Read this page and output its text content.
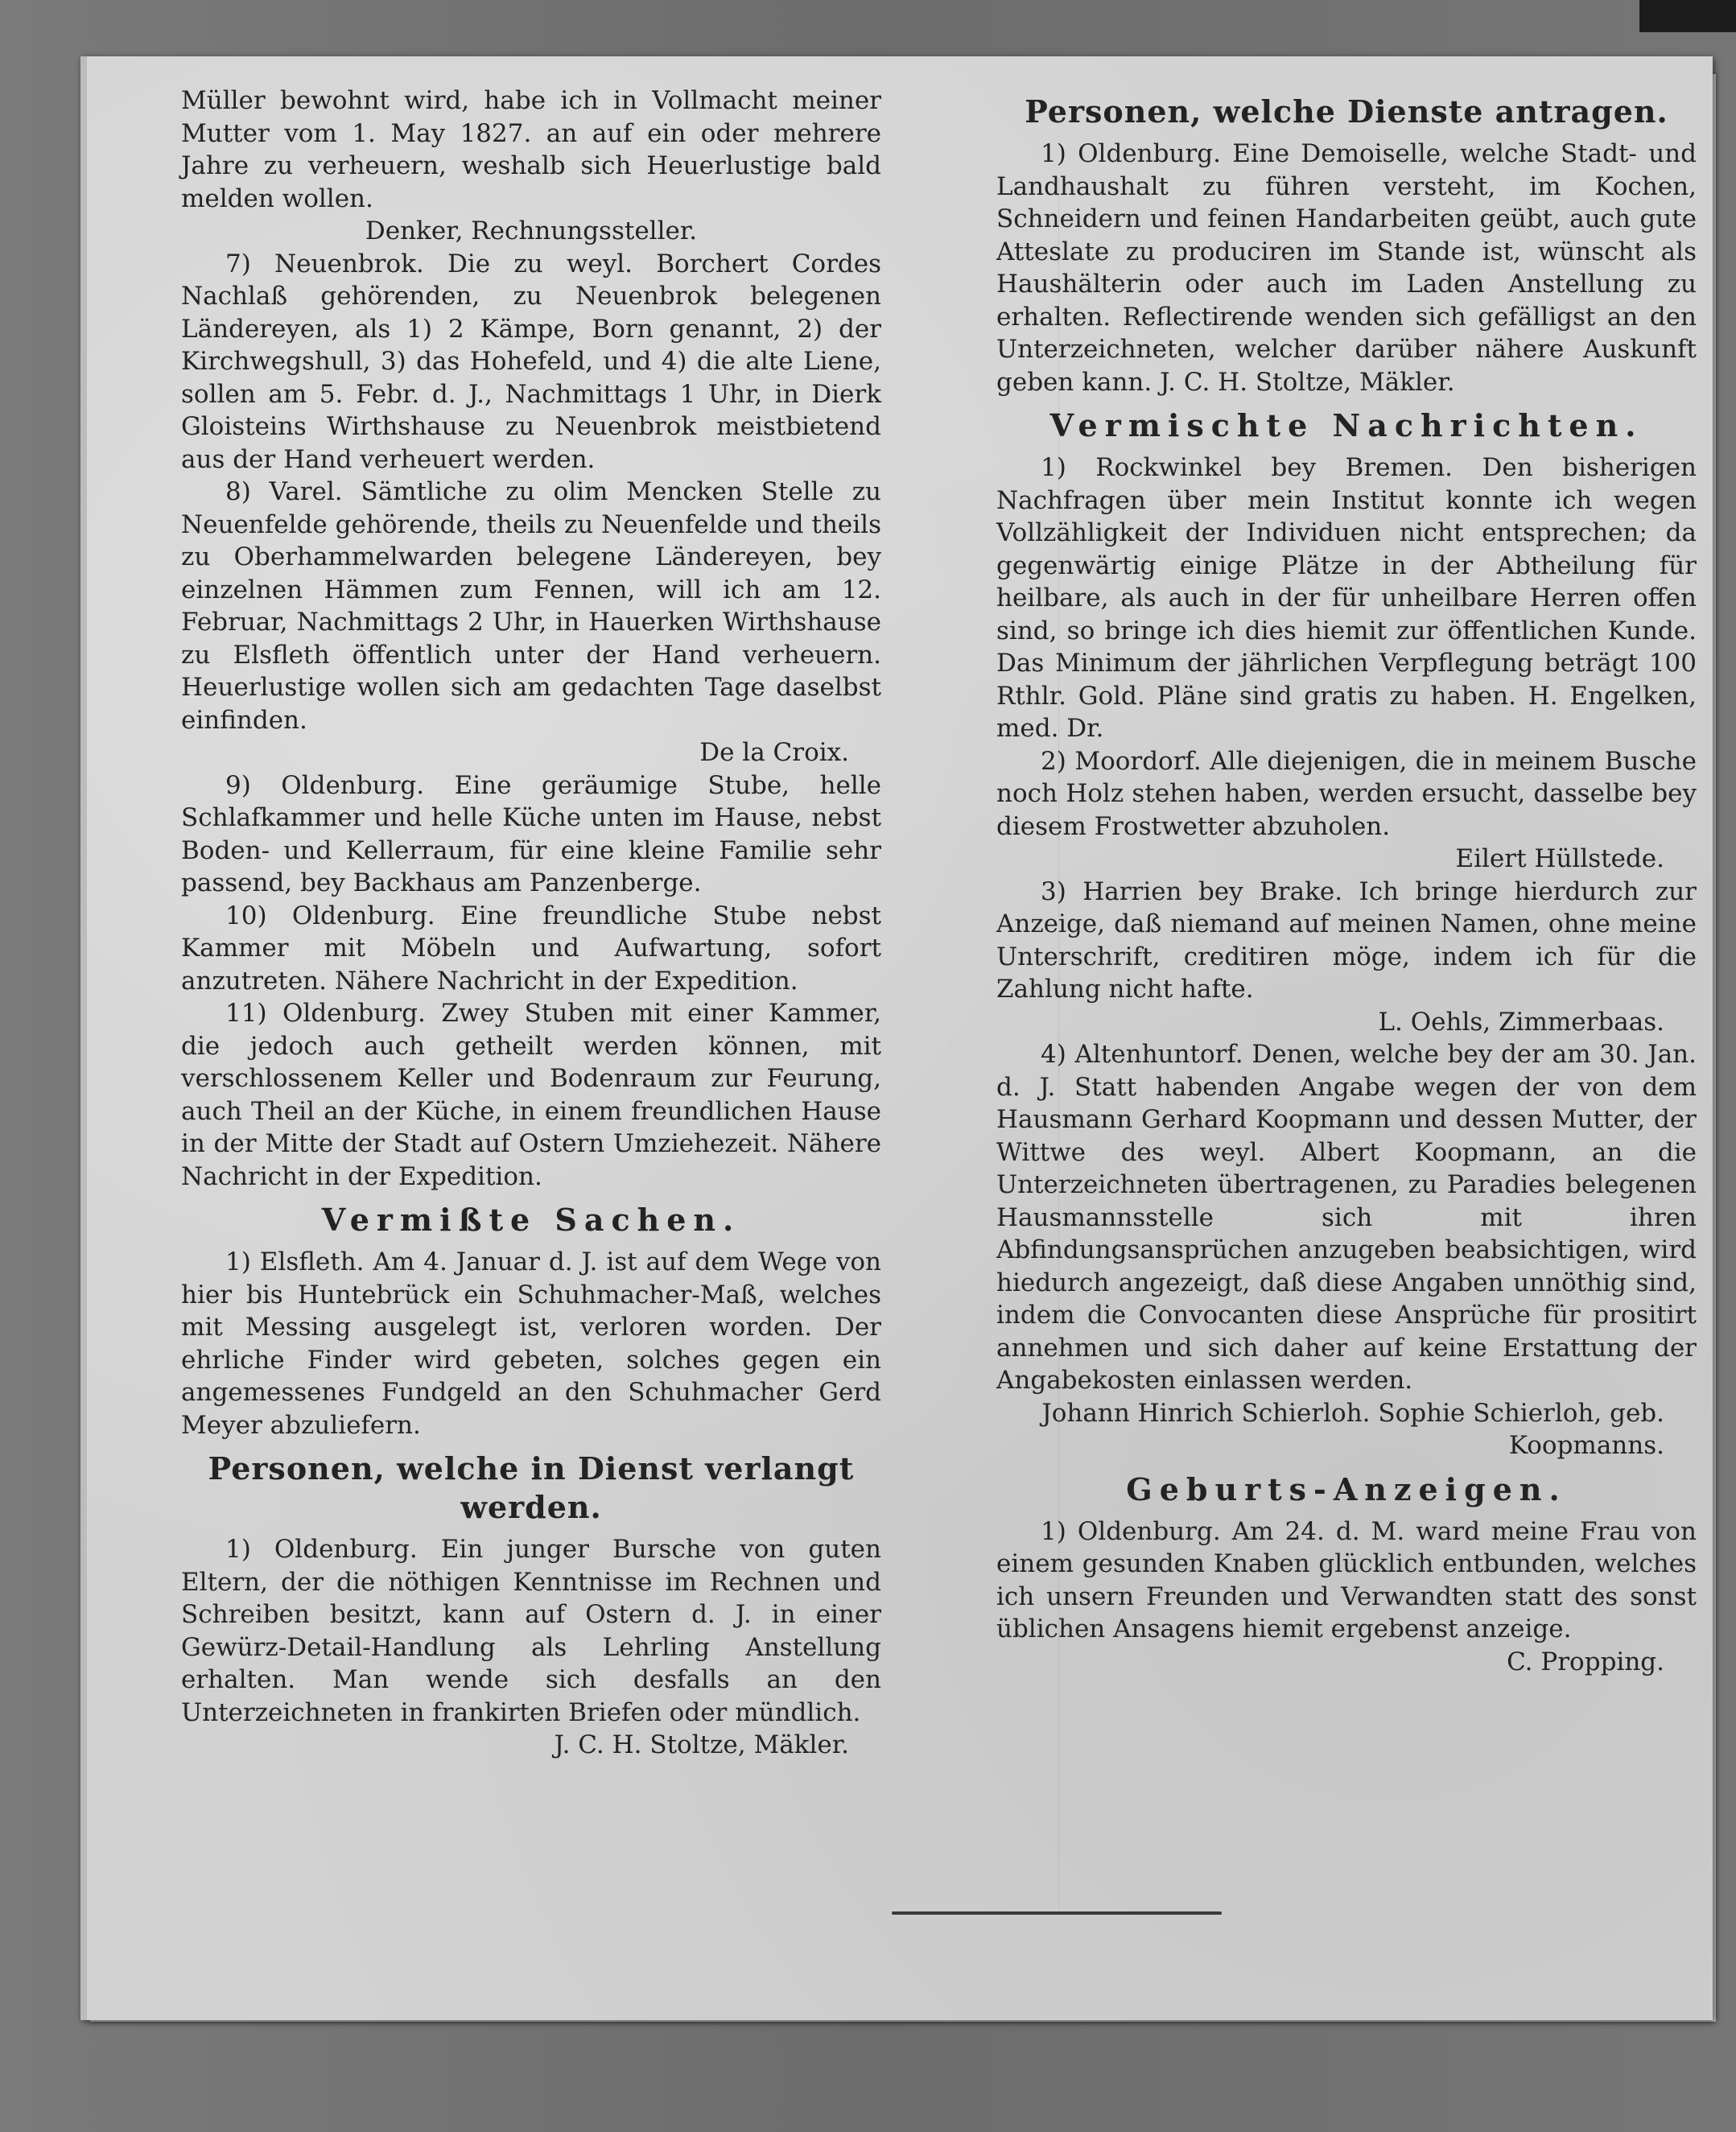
Müller bewohnt wird, habe ich in Vollmacht meiner Mutter vom 1. May 1827. an auf ein oder mehrere Jahre zu verheuern, weshalb sich Heuerlustige bald melden wollen.

Denker, Rechnungssteller.

7) Neuenbrok. Die zu weyl. Borchert Cordes Nachlaß gehörenden, zu Neuenbrok belegenen Ländereyen, als 1) 2 Kämpe, Born genannt, 2) der Kirchwegshull, 3) das Hohefeld, und 4) die alte Liene, sollen am 5. Febr. d. J., Nachmittags 1 Uhr, in Dierk Gloisteins Wirthshause zu Neuenbrok meistbietend aus der Hand verheuert werden.

8) Varel. Sämtliche zu olim Mencken Stelle zu Neuenfelde gehörende, theils zu Neuenfelde und theils zu Oberhammelwarden belegene Ländereyen, bey einzelnen Hämmen zum Fennen, will ich am 12. Februar, Nachmittags 2 Uhr, in Hauerken Wirthshause zu Elsfleth öffentlich unter der Hand verheuern. Heuerlustige wollen sich am gedachten Tage daselbst einfinden.

De la Croix.

9) Oldenburg. Eine geräumige Stube, helle Schlafkammer und helle Küche unten im Hause, nebst Boden- und Kellerraum, für eine kleine Familie sehr passend, bey Backhaus am Panzenberge.

10) Oldenburg. Eine freundliche Stube nebst Kammer mit Möbeln und Aufwartung, sofort anzutreten. Nähere Nachricht in der Expedition.

11) Oldenburg. Zwey Stuben mit einer Kammer, die jedoch auch getheilt werden können, mit verschlossenem Keller und Bodenraum zur Feurung, auch Theil an der Küche, in einem freundlichen Hause in der Mitte der Stadt auf Ostern Umziehezeit. Nähere Nachricht in der Expedition.

Vermißte Sachen.

1) Elsfleth. Am 4. Januar d. J. ist auf dem Wege von hier bis Huntebrück ein Schuhmacher-Maß, welches mit Messing ausgelegt ist, verloren worden. Der ehrliche Finder wird gebeten, solches gegen ein angemessenes Fundgeld an den Schuhmacher Gerd Meyer abzuliefern.

Personen, welche in Dienst verlangt werden.

1) Oldenburg. Ein junger Bursche von guten Eltern, der die nöthigen Kenntnisse im Rechnen und Schreiben besitzt, kann auf Ostern d. J. in einer Gewürz-Detail-Handlung als Lehrling Anstellung erhalten. Man wende sich desfalls an den Unterzeichneten in frankirten Briefen oder mündlich.

J. C. H. Stoltze, Mäkler.

Personen, welche Dienste antragen.

1) Oldenburg. Eine Demoiselle, welche Stadt- und Landhaushalt zu führen versteht, im Kochen, Schneidern und feinen Handarbeiten geübt, auch gute Atteslate zu produciren im Stande ist, wünscht als Haushälterin oder auch im Laden Anstellung zu erhalten. Reflectirende wenden sich gefälligst an den Unterzeichneten, welcher darüber nähere Auskunft geben kann. J. C. H. Stoltze, Mäkler.

Vermischte Nachrichten.

1) Rockwinkel bey Bremen. Den bisherigen Nachfragen über mein Institut konnte ich wegen Vollzähligkeit der Individuen nicht entsprechen; da gegenwärtig einige Plätze in der Abtheilung für heilbare, als auch in der für unheilbare Herren offen sind, so bringe ich dies hiemit zur öffentlichen Kunde. Das Minimum der jährlichen Verpflegung beträgt 100 Rthlr. Gold. Pläne sind gratis zu haben. H. Engelken, med. Dr.

2) Moordorf. Alle diejenigen, die in meinem Busche noch Holz stehen haben, werden ersucht, dasselbe bey diesem Frostwetter abzuholen.

Eilert Hüllstede.

3) Harrien bey Brake. Ich bringe hierdurch zur Anzeige, daß niemand auf meinen Namen, ohne meine Unterschrift, creditiren möge, indem ich für die Zahlung nicht hafte.

L. Oehls, Zimmerbaas.

4) Altenhuntorf. Denen, welche bey der am 30. Jan. d. J. Statt habenden Angabe wegen der von dem Hausmann Gerhard Koopmann und dessen Mutter, der Wittwe des weyl. Albert Koopmann, an die Unterzeichneten übertragenen, zu Paradies belegenen Hausmannsstelle sich mit ihren Abfindungsansprüchen anzugeben beabsichtigen, wird hiedurch angezeigt, daß diese Angaben unnöthig sind, indem die Convocanten diese Ansprüche für prositirt annehmen und sich daher auf keine Erstattung der Angabekosten einlassen werden.

Johann Hinrich Schierloh. Sophie Schierloh, geb. Koopmanns.

Geburts-Anzeigen.

1) Oldenburg. Am 24. d. M. ward meine Frau von einem gesunden Knaben glücklich entbunden, welches ich unsern Freunden und Verwandten statt des sonst üblichen Ansagens hiemit ergebenst anzeige.

C. Propping.
